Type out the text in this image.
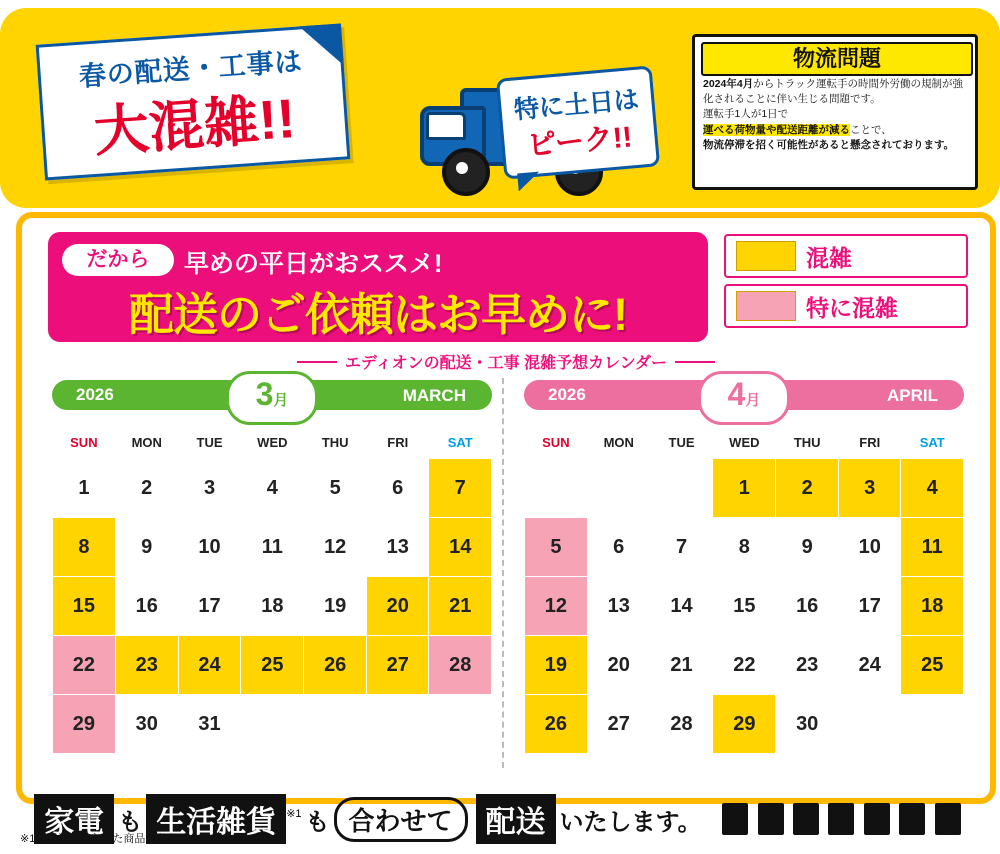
春の配送・工事は
大混雑!!	特に土日は
ピーク!!
物流問題
2024年4月からトラック運転手の時間外労働の規制が強化されることに伴い生じる問題です。
運転手1人が1日で
運べる荷物量や配送距離が減ることで、
物流停滞を招く可能性があると懸念されております。
だから	早めの平日がおススメ!
配送のご依頼はお早めに!
混雑
特に混雑
エディオンの配送・工事 混雑予想カレンダー
2026	MARCH
3月
SUN	MON	TUE	WED	THU	FRI	SAT
1	2	3	4	5	6	7
8	9	10	11	12	13	14
15	16	17	18	19	20	21
22	23	24	25	26	27	28
29	30	31				
2026	APRIL
4月
SUN	MON	TUE	WED	THU	FRI	SAT
			1	2	3	4
5	6	7	8	9	10	11
12	13	14	15	16	17	18
19	20	21	22	23	24	25
26	27	28	29	30		
家電 も 生活雑貨 $^{※1}$ も 合わせて 配送 いたします。
※1：当社で購入した商品となります。
